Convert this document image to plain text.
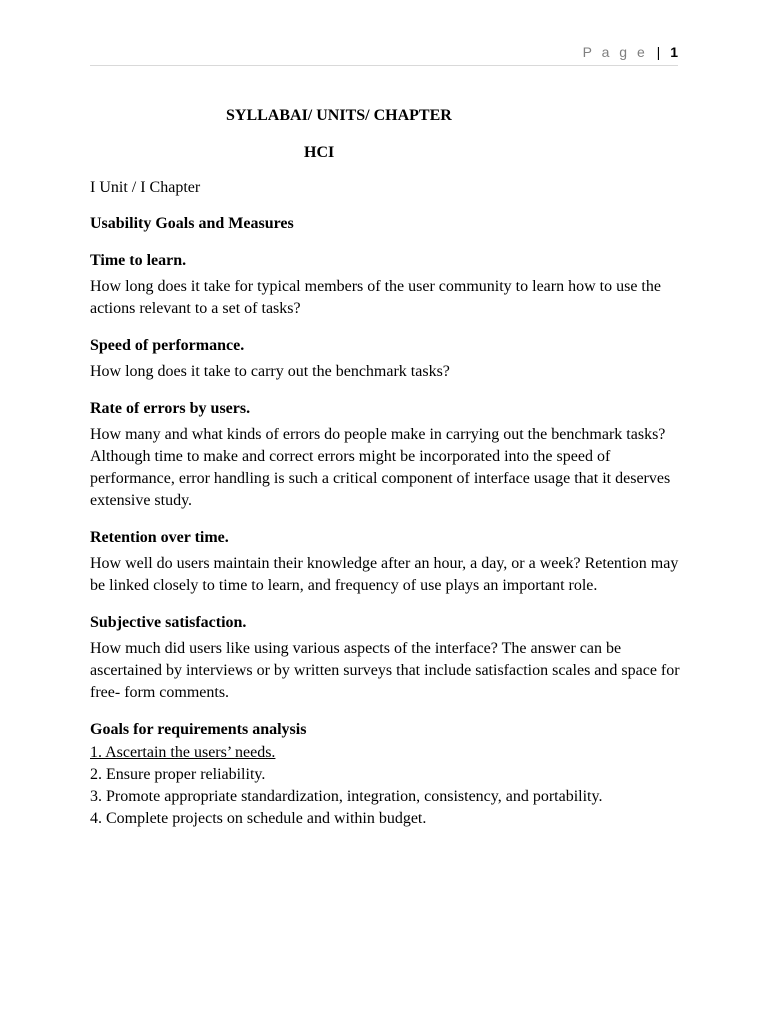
P a g e | 1
SYLLABAI/ UNITS/ CHAPTER
HCI
I Unit / I Chapter
Usability Goals and Measures
Time to learn.

How long does it take for typical members of the user community to learn how to use the actions relevant to a set of tasks?

Speed of performance.

How long does it take to carry out the benchmark tasks?

Rate of errors by users.

How many and what kinds of errors do people make in carrying out the benchmark tasks? Although time to make and correct errors might be incorporated into the speed of performance, error handling is such a critical component of interface usage that it deserves extensive study.

Retention over time.

How well do users maintain their knowledge after an hour, a day, or a week? Retention may be linked closely to time to learn, and frequency of use plays an important role.

Subjective satisfaction.

How much did users like using various aspects of the interface? The answer can be ascertained by interviews or by written surveys that include satisfaction scales and space for free- form comments.

Goals for requirements analysis

1. Ascertain the users’ needs.

2. Ensure proper reliability.

3. Promote appropriate standardization, integration, consistency, and portability.

4. Complete projects on schedule and within budget.
